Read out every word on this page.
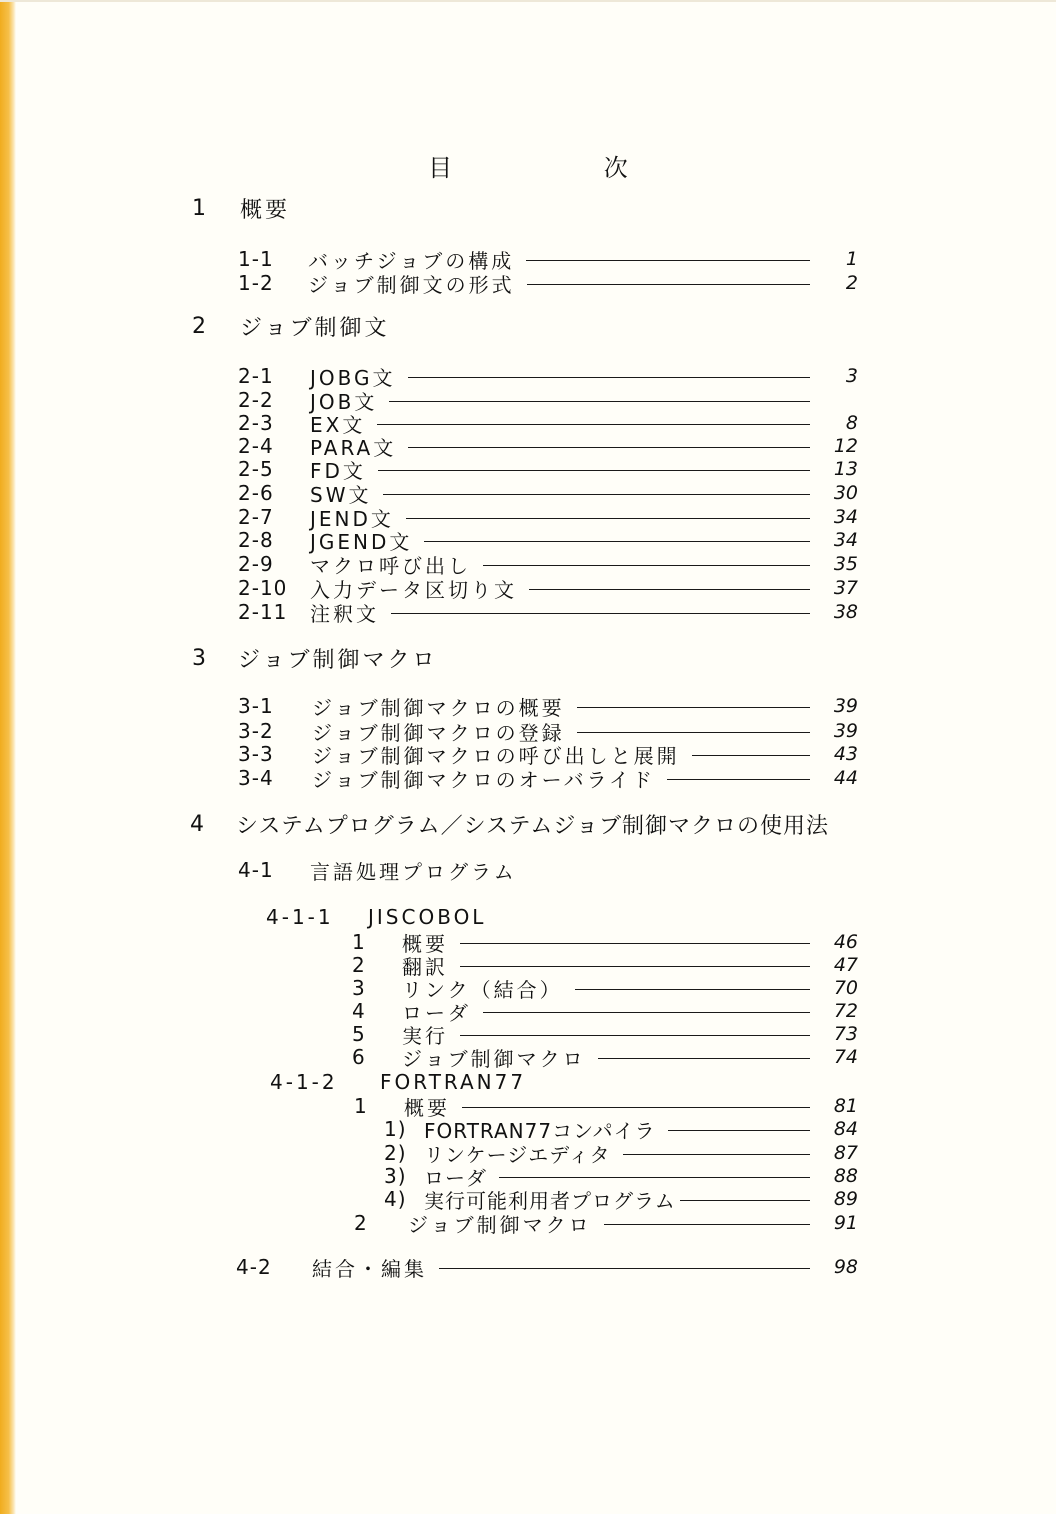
目 次
1	概要
1-1	バッチジョブの構成	1
1-2	ジョブ制御文の形式	2
2	ジョブ制御文
2-1	JOBG文	3
2-2	JOB文
2-3	EX文	8
2-4	PARA文	12
2-5	FD文	13
2-6	SW文	30
2-7	JEND文	34
2-8	JGEND文	34
2-9	マクロ呼び出し	35
2-10	入力データ区切り文	37
2-11	注釈文	38
3	ジョブ制御マクロ
3-1	ジョブ制御マクロの概要	39
3-2	ジョブ制御マクロの登録	39
3-3	ジョブ制御マクロの呼び出しと展開	43
3-4	ジョブ制御マクロのオーバライド	44
4	システムプログラム／システムジョブ制御マクロの使用法
4-1	言語処理プログラム
4-1-1	JISCOBOL
1	概要	46
2	翻訳	47
3	リンク（結合）	70
4	ローダ	72
5	実行	73
6	ジョブ制御マクロ	74
4-1-2	FORTRAN77
1	概要	81
1) FORTRAN77コンパイラ	84
2) リンケージエディタ	87
3) ローダ	88
4) 実行可能利用者プログラム	89
2	ジョブ制御マクロ	91
4-2	結合・編集	98
